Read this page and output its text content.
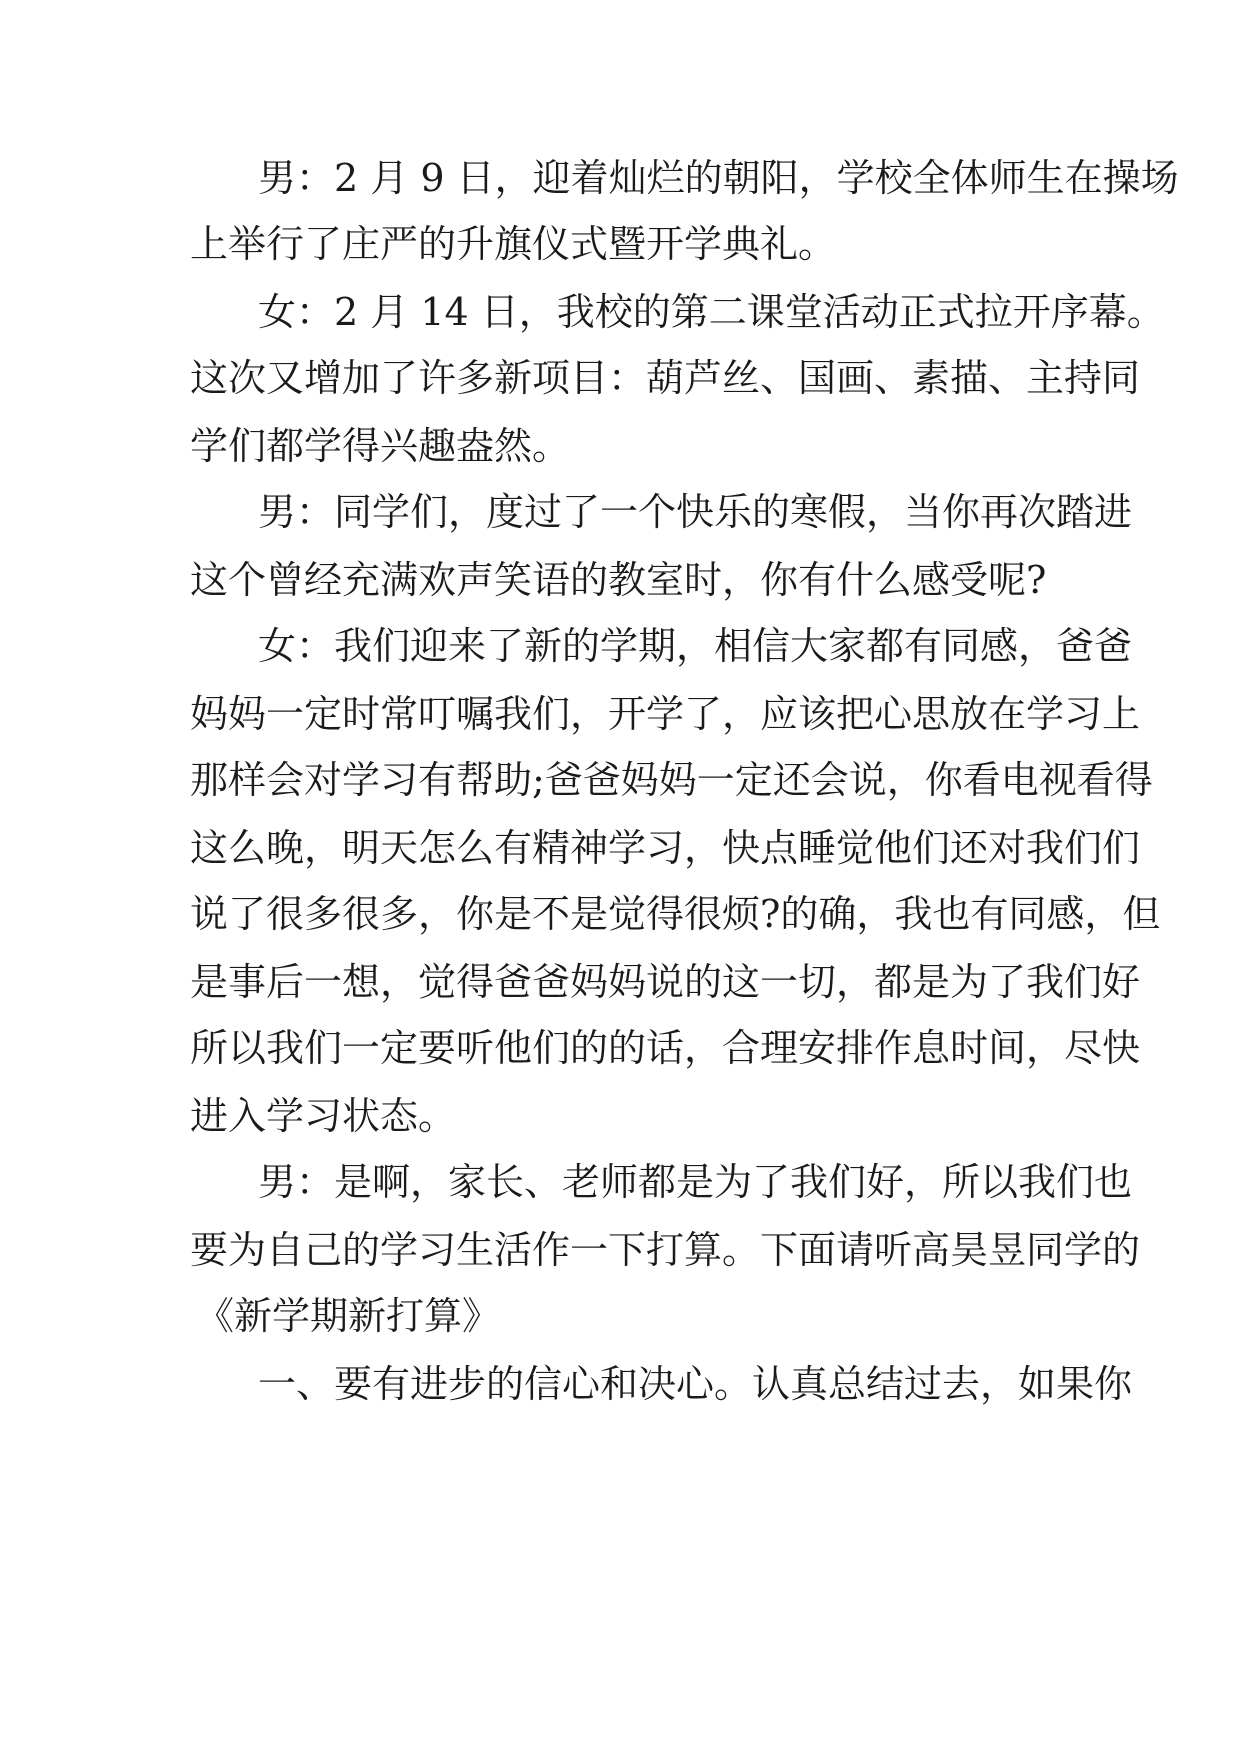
男：2 月 9 日，迎着灿烂的朝阳，学校全体师生在操场
上举行了庄严的升旗仪式暨开学典礼。
女：2 月 14 日，我校的第二课堂活动正式拉开序幕。
这次又增加了许多新项目：葫芦丝、国画、素描、主持同
学们都学得兴趣盎然。
男：同学们，度过了一个快乐的寒假，当你再次踏进
这个曾经充满欢声笑语的教室时，你有什么感受呢?
女：我们迎来了新的学期，相信大家都有同感，爸爸
妈妈一定时常叮嘱我们，开学了，应该把心思放在学习上
那样会对学习有帮助;爸爸妈妈一定还会说，你看电视看得
这么晚，明天怎么有精神学习，快点睡觉他们还对我们们
说了很多很多，你是不是觉得很烦?的确，我也有同感，但
是事后一想，觉得爸爸妈妈说的这一切，都是为了我们好
所以我们一定要听他们的的话，合理安排作息时间，尽快
进入学习状态。
男：是啊，家长、老师都是为了我们好，所以我们也
要为自己的学习生活作一下打算。下面请听高昊昱同学的
《新学期新打算》
一、要有进步的信心和决心。认真总结过去，如果你
